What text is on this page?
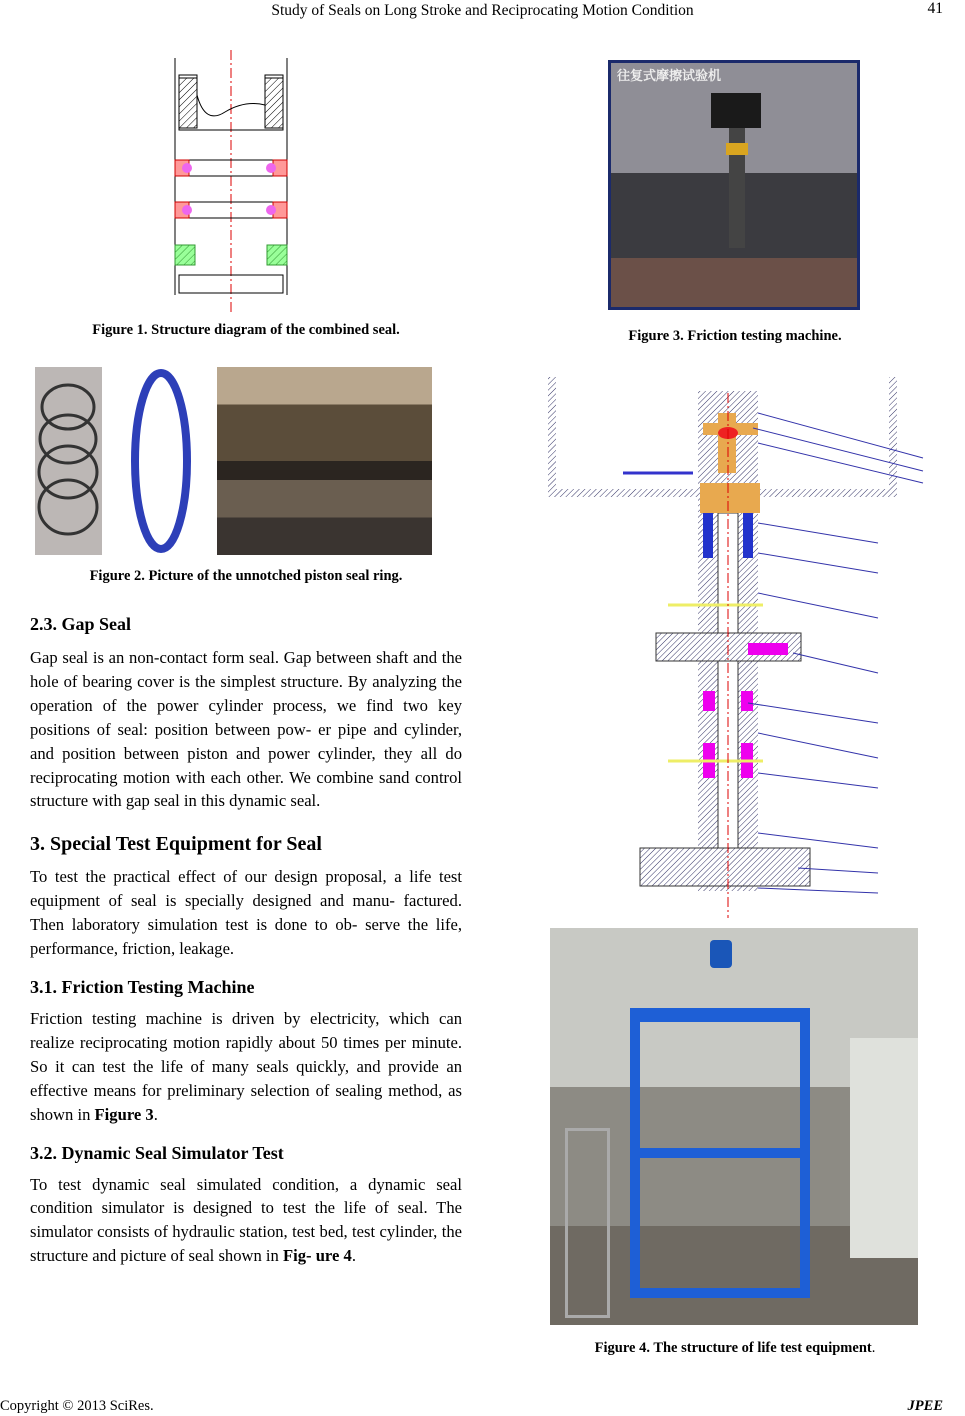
Study of Seals on Long Stroke and Reciprocating Motion Condition	41
Figure 1. Structure diagram of the combined seal.
Figure 2. Picture of the unnotched piston seal ring.
2.3. Gap Seal

Gap seal is an non-contact form seal. Gap between shaft and the hole of bearing cover is the simplest structure. By analyzing the operation of the power cylinder process, we find two key positions of seal: position between pow- er pipe and cylinder, and position between piston and power cylinder, they all do reciprocating motion with each other. We combine sand control structure with gap seal in this dynamic seal.

3. Special Test Equipment for Seal

To test the practical effect of our design proposal, a life test equipment of seal is specially designed and manu- factured. Then laboratory simulation test is done to ob- serve the life, performance, friction, leakage.

3.1. Friction Testing Machine

Friction testing machine is driven by electricity, which can realize reciprocating motion rapidly about 50 times per minute. So it can test the life of many seals quickly, and provide an effective means for preliminary selection of sealing method, as shown in Figure 3.

3.2. Dynamic Seal Simulator Test

To test dynamic seal simulated condition, a dynamic seal condition simulator is designed to test the life of seal. The simulator consists of hydraulic station, test bed, test cylinder, the structure and picture of seal shown in Fig- ure 4.

往复式摩擦试验机
Figure 3. Friction testing machine.
Figure 4. The structure of life test equipment.
Copyright © 2013 SciRes.	JPEE
